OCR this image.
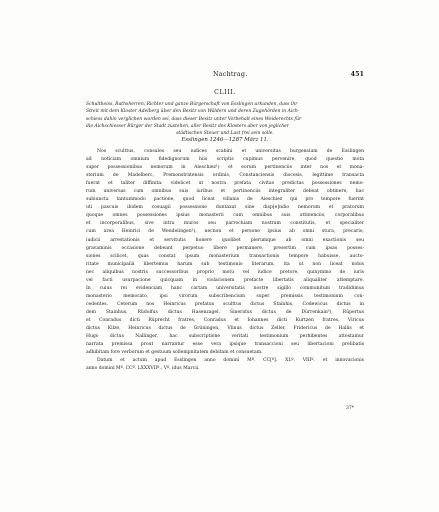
Nachtrag.	451
CLIII.
Schultheiss, Rathsherren, Richter und ganze Bürgerschaft von Esslingen urkunden, dass ihr
Streit mit dem Kloster Adelberg über den Besitz von Wäldern und deren Zugehörden in Aich-
schiess dahin verglichen worden sei, dass dieser Besitz unter Vorbehalt eines Weiderechts für
die Aichschiesser Bürger der Stadt zustehen, aller Besitz des Klosters aber von jeglicher
städtischen Steuer und Last frei sein solle.
Esslingen 1246—1287 März 11.
Nos sculttus, consules seu iudices scabini et universitas burgensium de Esslingen
ad noticiam omnium fidedignorum hiis scriptis cupimus pervenire, quod questio mota
super possessionibus nemorum in Aieschiez¹) et eorum pertinenciis inter nos et mona-
sterium de Madelberc, Premonstratensis ordinis, Constanciensis diocesis, legittime transacta
fuerat et taliter diffinita: videlicet ut nostra prefata civitas predictas possessiones nemo-
rum universas cum omnibus suis iuribus et pertinenciis integraliter debeat obtinere, hac
subiuncta tantummodo pactione, quod liceat villanis de Aieschiez qui pro tempore fuerint
uti pascuis ibidem cosuagii possessione duntaxat sine disp[e]ndio nemorum et pratorum
quoque omnes possessiones ipsius monasterii cum omnibus suis attinenciis, corporalibus
et incorporalibus, sive intra muros seu parrochiam nostram constitutis, et specialiter
cum area Heinrici de Wendelingen²), necnon et persone ipsius ab omni stura, precario,
iudicii arrestationis et servitutis honere quolibet plerumque ab omni exactionis seu
gravaminis occasione debeant perpetuo libere permanere, presertim cum ipsas posses-
siones scilicet, quas constat ipsum monasterium transactionis tempore habuisse, aucto-
ritate municipaliä libertemus harum sub testimonio literarum, ita ut non liceat nobis
nec aliquibus nostris successoribus proprio motu vel iudice pretore, quinymmo de iuris
vel facti usurpacione quicquam in violacionem prefacte libertatis aliqualiter attemptare.
In cuius rei evidenciam hanc cartam universitatis nostre sigillo communitum tradidimus
monasterio memorato, ipsi virorum subscribencium super premissis testimonium con-
cedentes. Ceterum nos Heinricus prefatus sculttus dictus Stainhis, Codewicus dictus in
dem Stainhus, Rüdolfus dictus Hasenzagel, Sineridus dictus de Dürrenkain³), Rüpertus
et Conradus dicti Rüprecht fratres, Conradus et Iohannes dicti Kurtzen fratres, Viricus
dictus Kilze, Heinricus dictus de Grüningen, Vlinus dictus Zeller, Fridericus de Hallis et
Hugo dictus Nallinger, hac subscriptione veritati testimonium perhibentes attestamur
narrata premissa prout narrantur esse vera ipsique transaccioni seu libertacioni prelibatis
adhibitam fore verborum et gestuum sollempnitatem debitam et consuetam.
Datum et actum apud Esslingen anno domini Mº. CC[º]. XLº. VIIIº. et innovacionis
anno domini Mº. CCº. LXXXVIIº., Vº. idus Marcii.
37*
